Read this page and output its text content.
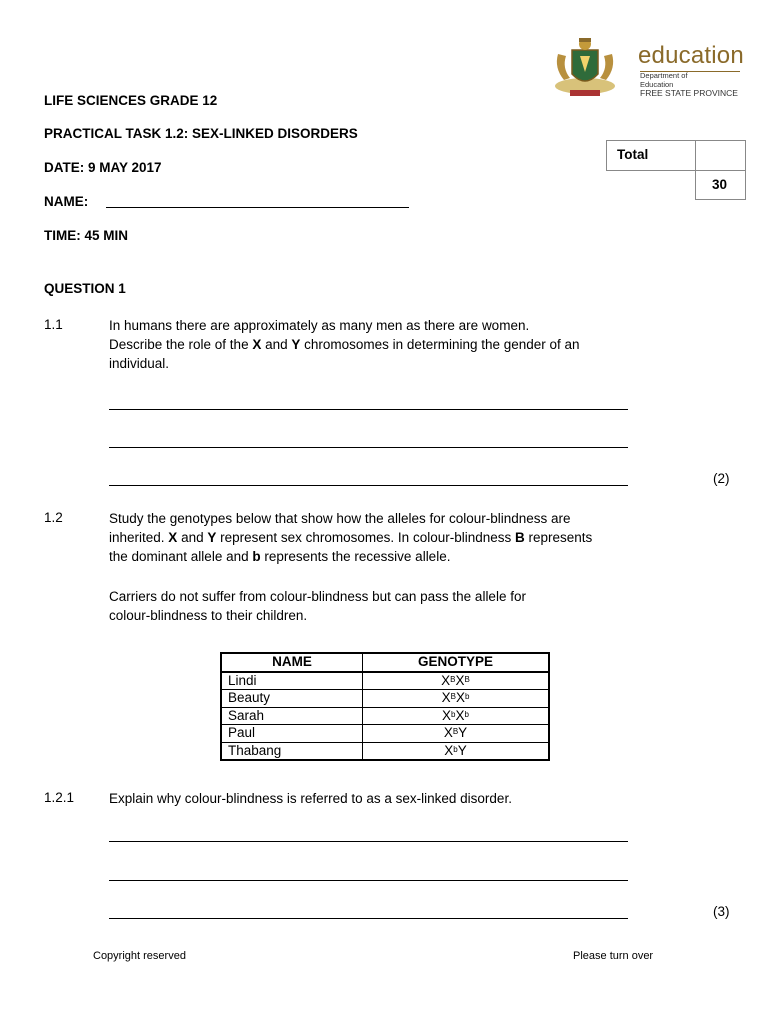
education
Department of
Education
FREE STATE PROVINCE
LIFE SCIENCES GRADE 12
PRACTICAL TASK 1.2: SEX-LINKED DISORDERS
DATE: 9 MAY 2017
NAME:
TIME: 45 MIN
Total
30
QUESTION 1
1.1	In humans there are approximately as many men as there are women.
Describe the role of the X and Y chromosomes in determining the gender of an
individual.
(2)
1.2	Study the genotypes below that show how the alleles for colour-blindness are
inherited. X and Y represent sex chromosomes. In colour-blindness B represents
the dominant allele and b represents the recessive allele.
Carriers do not suffer from colour-blindness but can pass the allele for
colour-blindness to their children.
NAME	GENOTYPE
Lindi	$X^BX^B$
Beauty	$X^BX^b$
Sarah	$X^bX^b$
Paul	$X^BY$
Thabang	$X^bY$
1.2.1	Explain why colour-blindness is referred to as a sex-linked disorder.
(3)
Copyright reserved	Please turn over
